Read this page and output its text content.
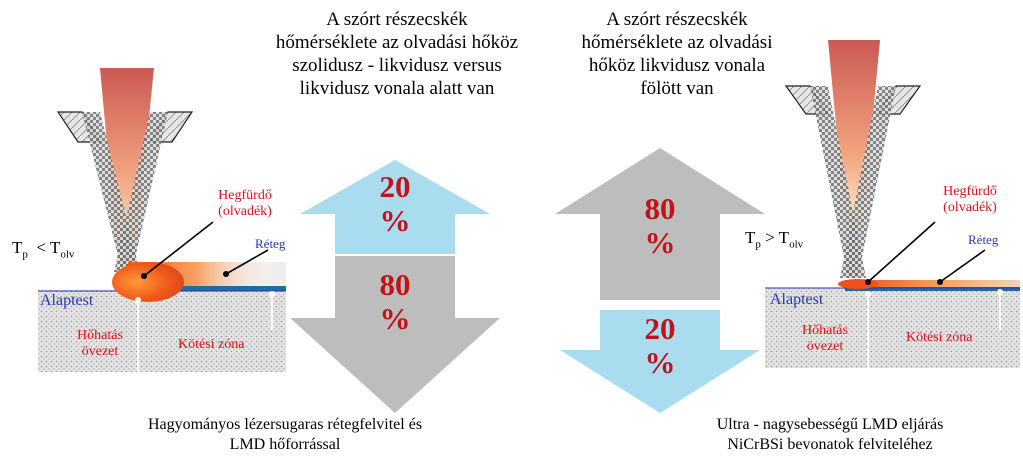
A szórt részecskék
hőmérséklete az olvadási hőköz
szolidusz - likvidusz versus
likvidusz vonala alatt van
A szórt részecskék
hőmérséklete az olvadási
hőköz likvidusz vonala
fölött van
20
%
80
%
80
%
20
%
$T_p < T_{olv}$
Hegfürdő
(olvadék)
Réteg
Alaptest
Hőhatás
övezet	Kötési zóna
Hagyományos lézersugaras rétegfelvitel és
LMD hőforrással
$T_p > T_{olv}$
Hegfürdő
(olvadék)
Réteg
Alaptest
Hőhatás
övezet
Kötési zóna
Ultra - nagysebességű LMD eljárás
NiCrBSi bevonatok felviteléhez
